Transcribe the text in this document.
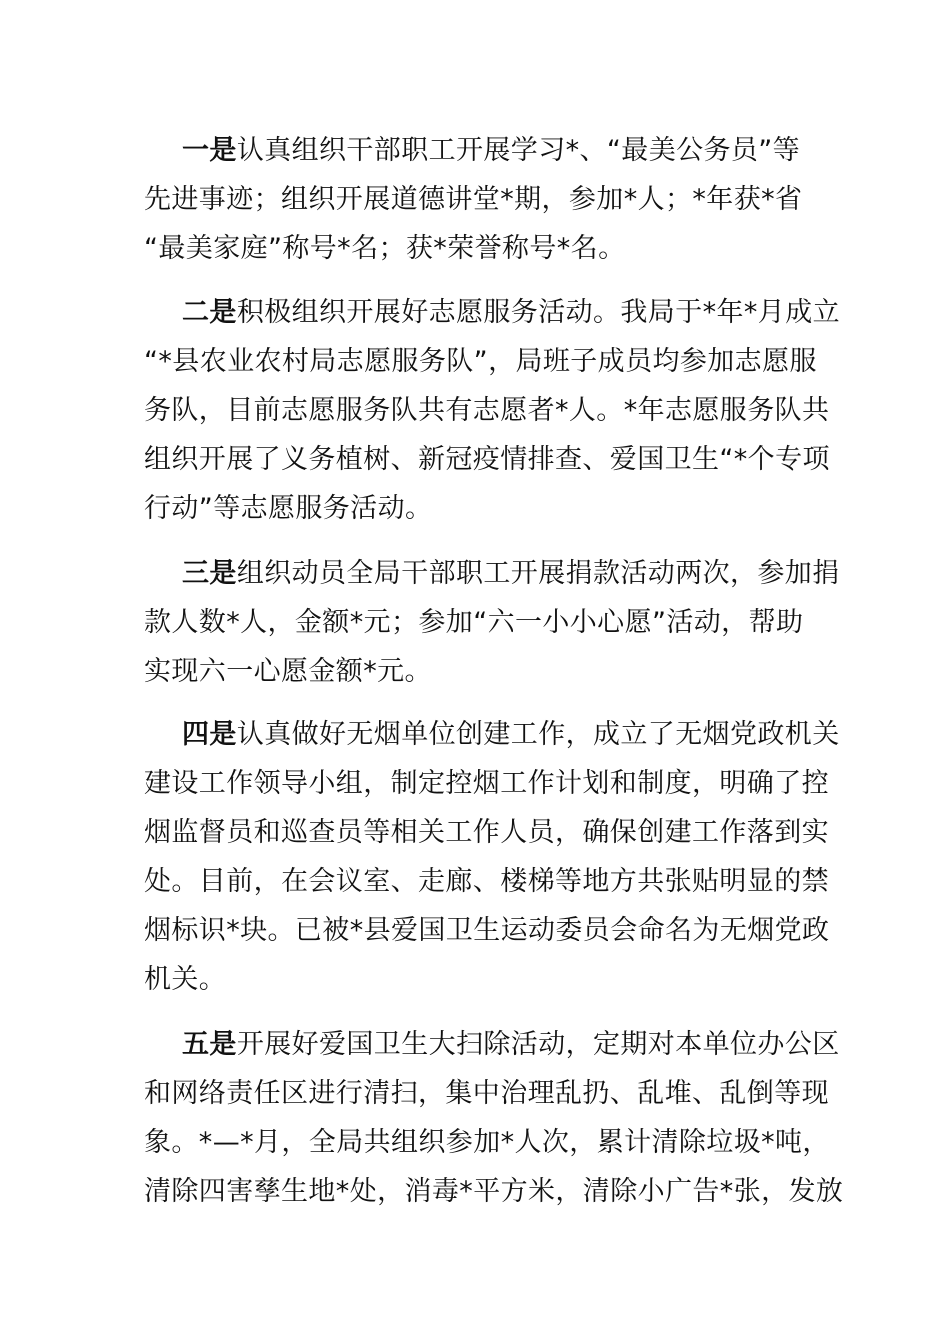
一是认真组织干部职工开展学习*、“最美公务员”等
先进事迹；组织开展道德讲堂*期，参加*人；*年获*省
“最美家庭”称号*名；获*荣誉称号*名。
二是积极组织开展好志愿服务活动。我局于*年*月成立
“*县农业农村局志愿服务队”，局班子成员均参加志愿服
务队，目前志愿服务队共有志愿者*人。*年志愿服务队共
组织开展了义务植树、新冠疫情排查、爱国卫生“*个专项
行动”等志愿服务活动。
三是组织动员全局干部职工开展捐款活动两次，参加捐
款人数*人，金额*元；参加“六一小小心愿”活动，帮助
实现六一心愿金额*元。
四是认真做好无烟单位创建工作，成立了无烟党政机关
建设工作领导小组，制定控烟工作计划和制度，明确了控
烟监督员和巡查员等相关工作人员，确保创建工作落到实
处。目前，在会议室、走廊、楼梯等地方共张贴明显的禁
烟标识*块。已被*县爱国卫生运动委员会命名为无烟党政
机关。
五是开展好爱国卫生大扫除活动，定期对本单位办公区
和网络责任区进行清扫，集中治理乱扔、乱堆、乱倒等现
象。*—*月，全局共组织参加*人次，累计清除垃圾*吨，
清除四害孳生地*处，消毒*平方米，清除小广告*张，发放
